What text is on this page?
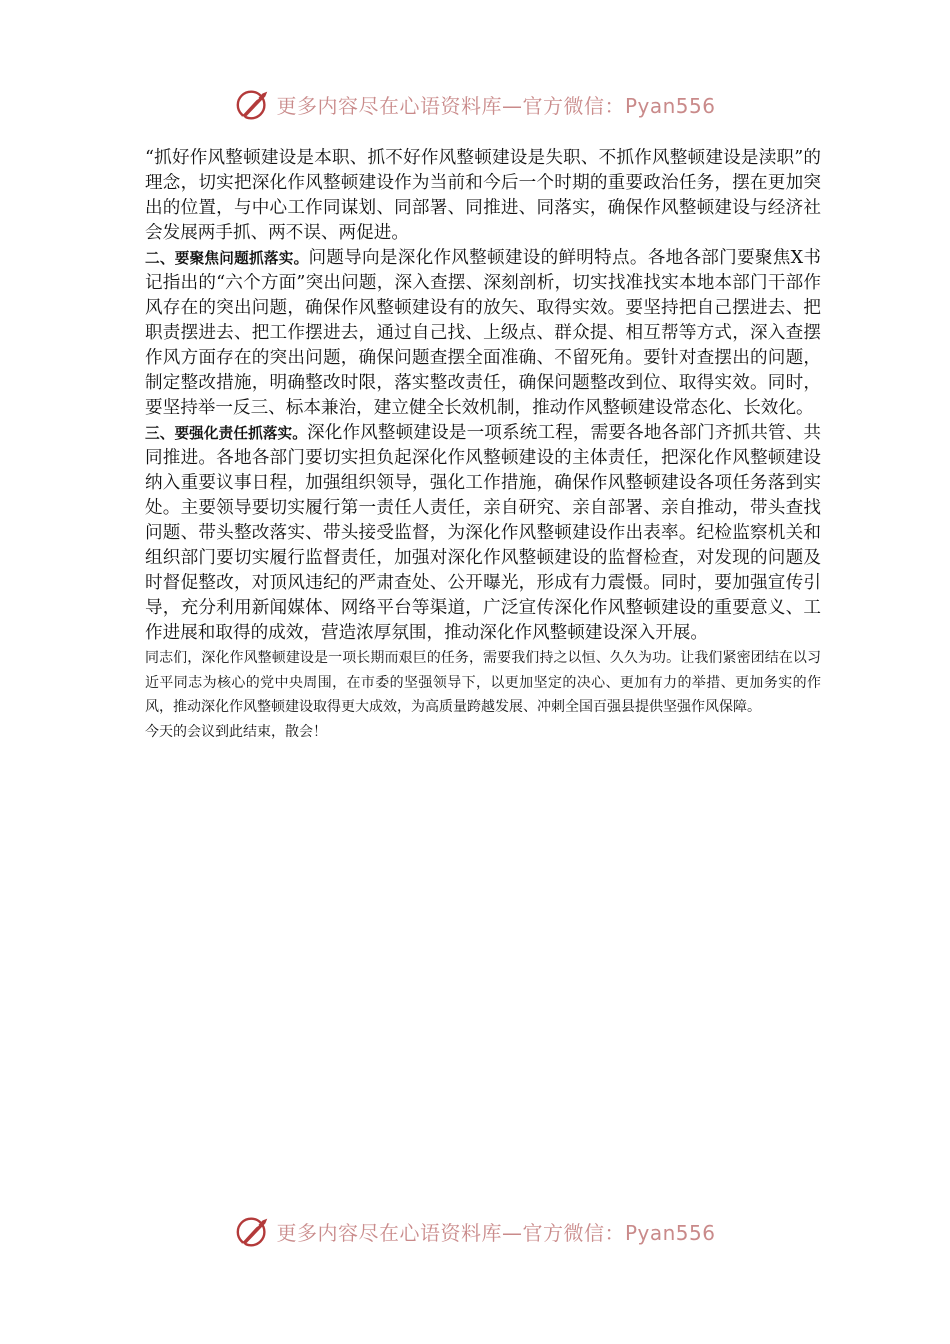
更多内容尽在心语资料库—官方微信：Pyan556

“抓好作风整顿建设是本职、抓不好作风整顿建设是失职、不抓作风整顿建设是渎职”的理念，切实把深化作风整顿建设作为当前和今后一个时期的重要政治任务，摆在更加突出的位置，与中心工作同谋划、同部署、同推进、同落实，确保作风整顿建设与经济社会发展两手抓、两不误、两促进。

二、要聚焦问题抓落实。问题导向是深化作风整顿建设的鲜明特点。各地各部门要聚焦X书记指出的“六个方面”突出问题，深入查摆、深刻剖析，切实找准找实本地本部门干部作风存在的突出问题，确保作风整顿建设有的放矢、取得实效。要坚持把自己摆进去、把职责摆进去、把工作摆进去，通过自己找、上级点、群众提、相互帮等方式，深入查摆作风方面存在的突出问题，确保问题查摆全面准确、不留死角。要针对查摆出的问题，制定整改措施，明确整改时限，落实整改责任，确保问题整改到位、取得实效。同时，要坚持举一反三、标本兼治，建立健全长效机制，推动作风整顿建设常态化、长效化。

三、要强化责任抓落实。深化作风整顿建设是一项系统工程，需要各地各部门齐抓共管、共同推进。各地各部门要切实担负起深化作风整顿建设的主体责任，把深化作风整顿建设纳入重要议事日程，加强组织领导，强化工作措施，确保作风整顿建设各项任务落到实处。主要领导要切实履行第一责任人责任，亲自研究、亲自部署、亲自推动，带头查找问题、带头整改落实、带头接受监督，为深化作风整顿建设作出表率。纪检监察机关和组织部门要切实履行监督责任，加强对深化作风整顿建设的监督检查，对发现的问题及时督促整改，对顶风违纪的严肃查处、公开曝光，形成有力震慑。同时，要加强宣传引导，充分利用新闻媒体、网络平台等渠道，广泛宣传深化作风整顿建设的重要意义、工作进展和取得的成效，营造浓厚氛围，推动深化作风整顿建设深入开展。

同志们，深化作风整顿建设是一项长期而艰巨的任务，需要我们持之以恒、久久为功。让我们紧密团结在以习近平同志为核心的党中央周围，在市委的坚强领导下，以更加坚定的决心、更加有力的举措、更加务实的作风，推动深化作风整顿建设取得更大成效，为高质量跨越发展、冲刺全国百强县提供坚强作风保障。

今天的会议到此结束，散会！

更多内容尽在心语资料库—官方微信：Pyan556
